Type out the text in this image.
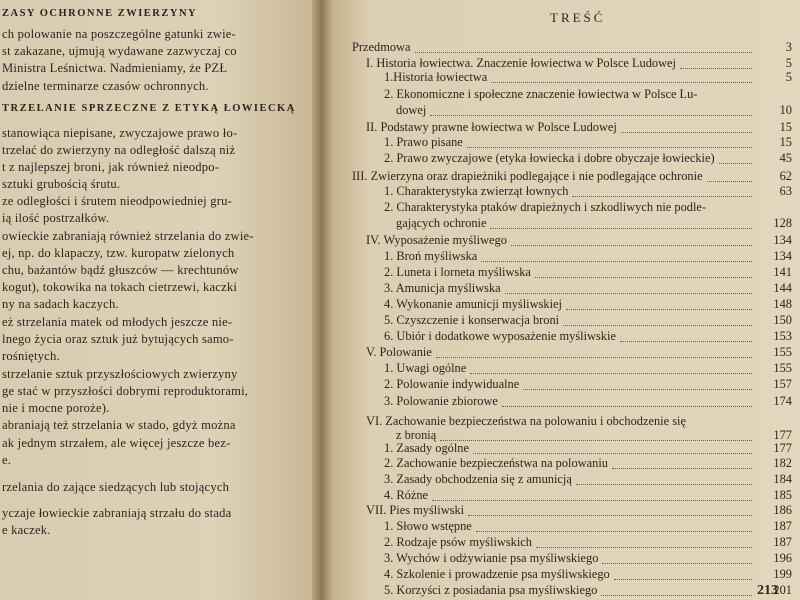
ZASY OCHRONNE ZWIERZYNY
TRZELANIE SPRZECZNE Z ETYKĄ ŁOWIECKĄ
ch polowanie na poszczególne gatunki zwie-
st zakazane, ujmują wydawane zazwyczaj co
Ministra Leśnictwa. Nadmieniamy, że PZŁ
dzielne terminarze czasów ochronnych.
stanowiąca niepisane, zwyczajowe prawo ło-
trzelać do zwierzyny na odległość dalszą niż
t z najlepszej broni, jak również nieodpo-
sztuki grubością śrutu.
ze odległości i śrutem nieodpowiedniej gru-
ią ilość postrzałków.
owieckie zabraniają również strzelania do zwie-
ej, np. do klapaczy, tzw. kuropatw zielonych
chu, bażantów bądź głuszców — krechtunów
kogut), tokowika na tokach cietrzewi, kaczki
ny na sadach kaczych.
eż strzelania matek od młodych jeszcze nie-
lnego życia oraz sztuk już bytujących samo-
rośniętych.
strzelanie sztuk przyszłościowych zwierzyny
ge stać w przyszłości dobrymi reproduktorami,
nie i mocne poroże).
abraniają też strzelania w stado, gdyż można
ak jednym strzałem, ale więcej jeszcze bez-
e.
rzelania do zające siedzących lub stojących
yczaje łowieckie zabraniają strzału do stada
e kaczek.
TREŚĆ
Przedmowa	3
I. Historia łowiectwa. Znaczenie łowiectwa w Polsce Ludowej	5
1.Historia łowiectwa	5
2. Ekonomiczne i społeczne znaczenie łowiectwa w Polsce Lu-
dowej	10
II. Podstawy prawne łowiectwa w Polsce Ludowej	15
1. Prawo pisane	15
2. Prawo zwyczajowe (etyka łowiecka i dobre obyczaje łowieckie)	45
III. Zwierzyna oraz drapieżniki podlegające i nie podlegające ochronie	62
1. Charakterystyka zwierząt łownych	63
2. Charakterystyka ptaków drapieżnych i szkodliwych nie podle-
gających ochronie	128
IV. Wyposażenie myśliwego	134
1. Broń myśliwska	134
2. Luneta i lorneta myśliwska	141
3. Amunicja myśliwska	144
4. Wykonanie amunicji myśliwskiej	148
5. Czyszczenie i konserwacja broni	150
6. Ubiór i dodatkowe wyposażenie myśliwskie	153
V. Polowanie	155
1. Uwagi ogólne	155
2. Polowanie indywidualne	157
3. Polowanie zbiorowe	174
VI. Zachowanie bezpieczeństwa na polowaniu i obchodzenie się
z bronią	177
1. Zasady ogólne	177
2. Zachowanie bezpieczeństwa na polowaniu	182
3. Zasady obchodzenia się z amunicją	184
4. Różne	185
VII. Pies myśliwski	186
1. Słowo wstępne	187
2. Rodzaje psów myśliwskich	187
3. Wychów i odżywianie psa myśliwskiego	196
4. Szkolenie i prowadzenie psa myśliwskiego	199
5. Korzyści z posiadania psa myśliwskiego	201
213
